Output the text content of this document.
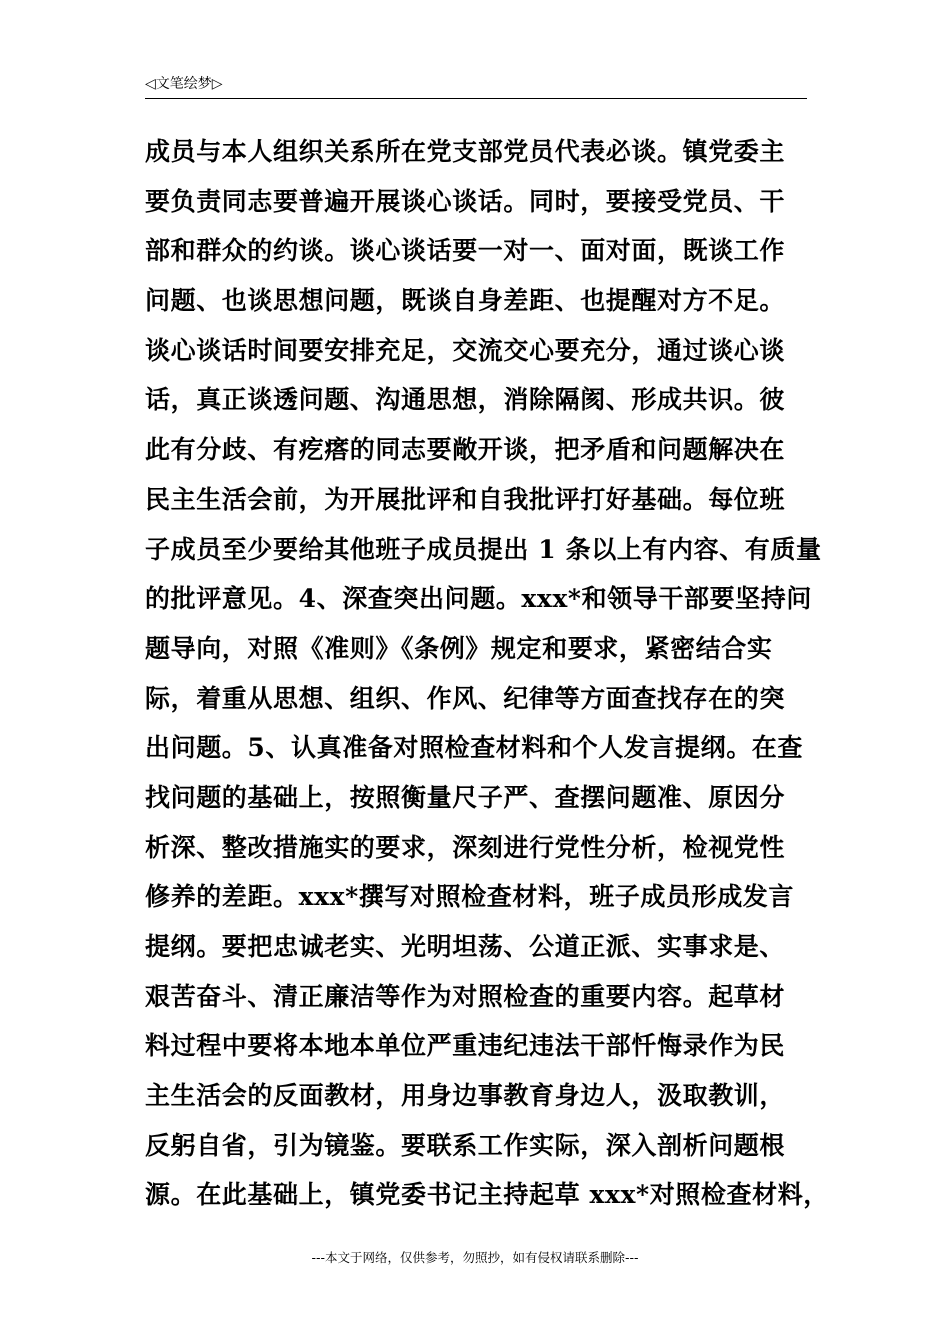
◁文笔绘梦▷
成员与本人组织关系所在党支部党员代表必谈。镇党委主
要负责同志要普遍开展谈心谈话。同时，要接受党员、干
部和群众的约谈。谈心谈话要一对一、面对面，既谈工作
问题、也谈思想问题，既谈自身差距、也提醒对方不足。
谈心谈话时间要安排充足，交流交心要充分，通过谈心谈
话，真正谈透问题、沟通思想，消除隔阂、形成共识。彼
此有分歧、有疙瘩的同志要敞开谈，把矛盾和问题解决在
民主生活会前，为开展批评和自我批评打好基础。每位班
子成员至少要给其他班子成员提出 1 条以上有内容、有质量
的批评意见。4、深查突出问题。xxx*和领导干部要坚持问
题导向，对照《准则》《条例》规定和要求，紧密结合实
际，着重从思想、组织、作风、纪律等方面查找存在的突
出问题。5、认真准备对照检查材料和个人发言提纲。在查
找问题的基础上，按照衡量尺子严、查摆问题准、原因分
析深、整改措施实的要求，深刻进行党性分析，检视党性
修养的差距。xxx*撰写对照检查材料，班子成员形成发言
提纲。要把忠诚老实、光明坦荡、公道正派、实事求是、
艰苦奋斗、清正廉洁等作为对照检查的重要内容。起草材
料过程中要将本地本单位严重违纪违法干部忏悔录作为民
主生活会的反面教材，用身边事教育身边人，汲取教训，
反躬自省，引为镜鉴。要联系工作实际，深入剖析问题根
源。在此基础上，镇党委书记主持起草 xxx*对照检查材料，
---本文于网络，仅供参考，勿照抄，如有侵权请联系删除---
